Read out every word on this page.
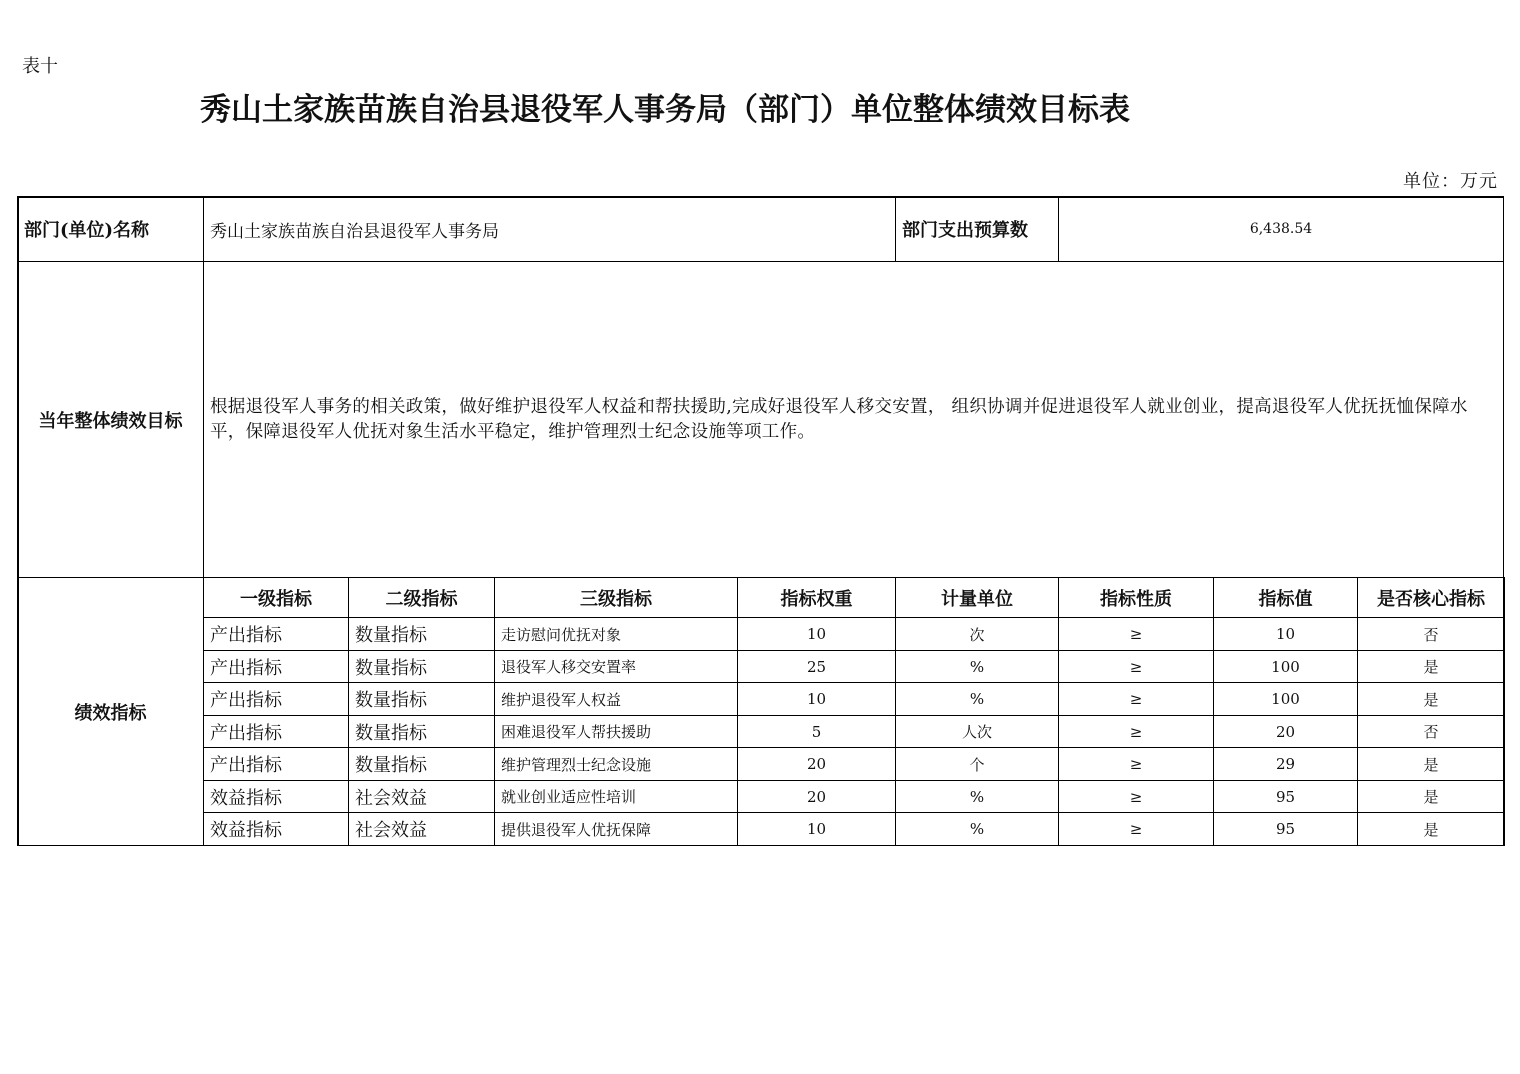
表十
秀山土家族苗族自治县退役军人事务局（部门）单位整体绩效目标表
单位：万元
部门(单位)名称	秀山土家族苗族自治县退役军人事务局	部门支出预算数	6,438.54
当年整体绩效目标
根据退役军人事务的相关政策，做好维护退役军人权益和帮扶援助,完成好退役军人移交安置， 组织协调并促进退役军人就业创业，提高退役军人优抚抚恤保障水平，保障退役军人优抚对象生活水平稳定，维护管理烈士纪念设施等项工作。
绩效指标
一级指标	二级指标	三级指标	指标权重	计量单位	指标性质	指标值	是否核心指标
产出指标	数量指标	走访慰问优抚对象	10	次	≥	10	否
产出指标	数量指标	退役军人移交安置率	25	%	≥	100	是
产出指标	数量指标	维护退役军人权益	10	%	≥	100	是
产出指标	数量指标	困难退役军人帮扶援助	5	人次	≥	20	否
产出指标	数量指标	维护管理烈士纪念设施	20	个	≥	29	是
效益指标	社会效益	就业创业适应性培训	20	%	≥	95	是
效益指标	社会效益	提供退役军人优抚保障	10	%	≥	95	是
